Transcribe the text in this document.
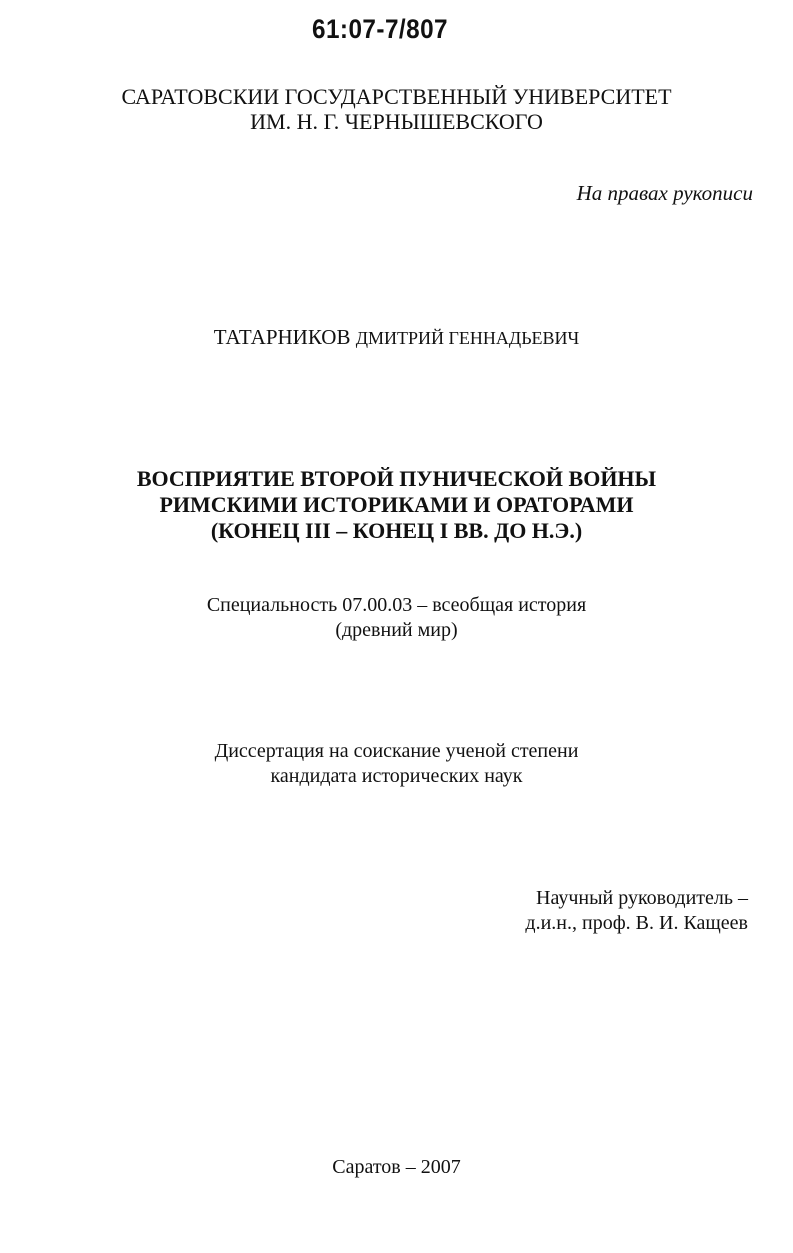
61:07-7/807
САРАТОВСКИИ ГОСУДАРСТВЕННЫЙ УНИВЕРСИТЕТ
ИМ. Н. Г. ЧЕРНЫШЕВСКОГО
На правах рукописи
ТАТАРНИКОВ ДМИТРИЙ ГЕННАДЬЕВИЧ
ВОСПРИЯТИЕ ВТОРОЙ ПУНИЧЕСКОЙ ВОЙНЫ
РИМСКИМИ ИСТОРИКАМИ И ОРАТОРАМИ
(КОНЕЦ III – КОНЕЦ I ВВ. ДО Н.Э.)
Специальность 07.00.03 – всеобщая история
(древний мир)
Диссертация на соискание ученой степени
кандидата исторических наук
Научный руководитель –
д.и.н., проф. В. И. Кащеев
Саратов – 2007
